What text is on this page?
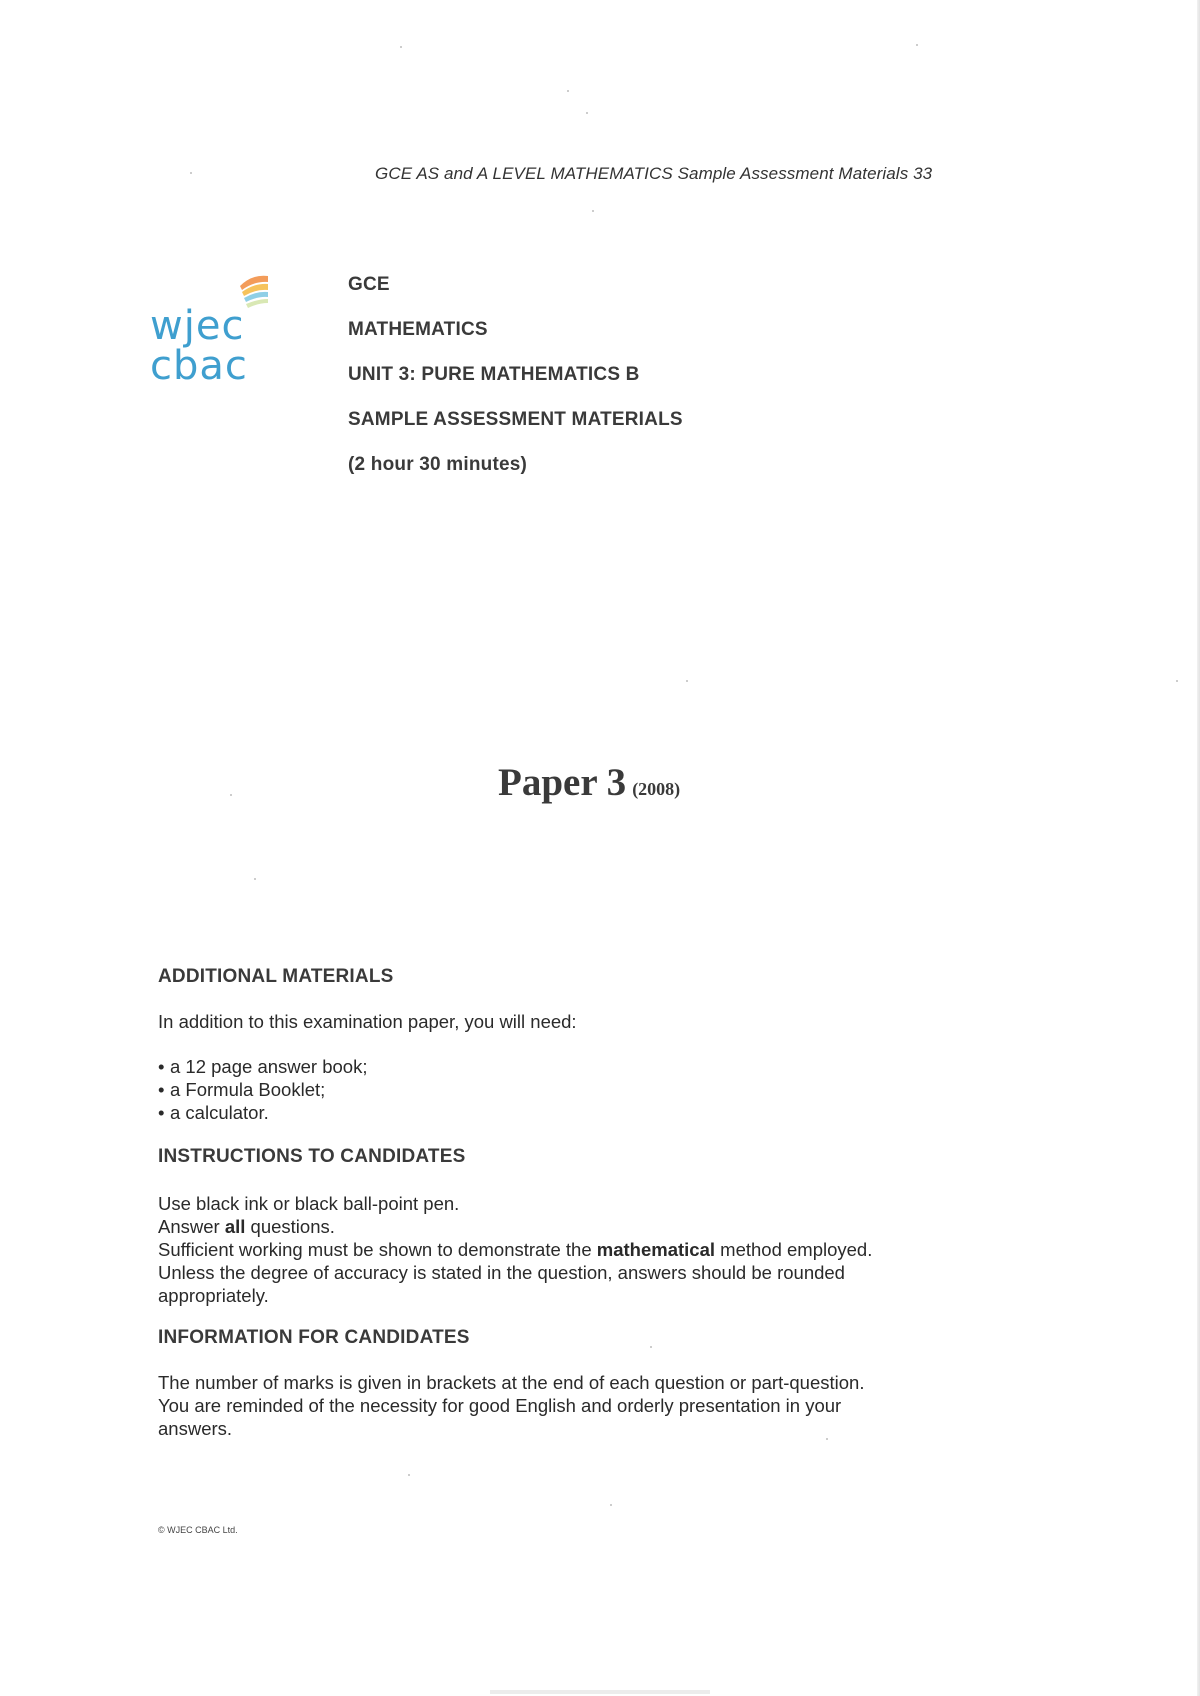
GCE AS and A LEVEL MATHEMATICS Sample Assessment Materials 33
wjec
cbac
GCE
MATHEMATICS
UNIT 3: PURE MATHEMATICS B
SAMPLE ASSESSMENT MATERIALS
(2 hour 30 minutes)
Paper 3 (2008)
ADDITIONAL MATERIALS

In addition to this examination paper, you will need:

• a 12 page answer book;
• a Formula Booklet;
• a calculator.
INSTRUCTIONS TO CANDIDATES

Use black ink or black ball-point pen.

Answer all questions.

Sufficient working must be shown to demonstrate the mathematical method employed.

Unless the degree of accuracy is stated in the question, answers should be rounded

appropriately.

INFORMATION FOR CANDIDATES

The number of marks is given in brackets at the end of each question or part-question.

You are reminded of the necessity for good English and orderly presentation in your

answers.

© WJEC CBAC Ltd.
